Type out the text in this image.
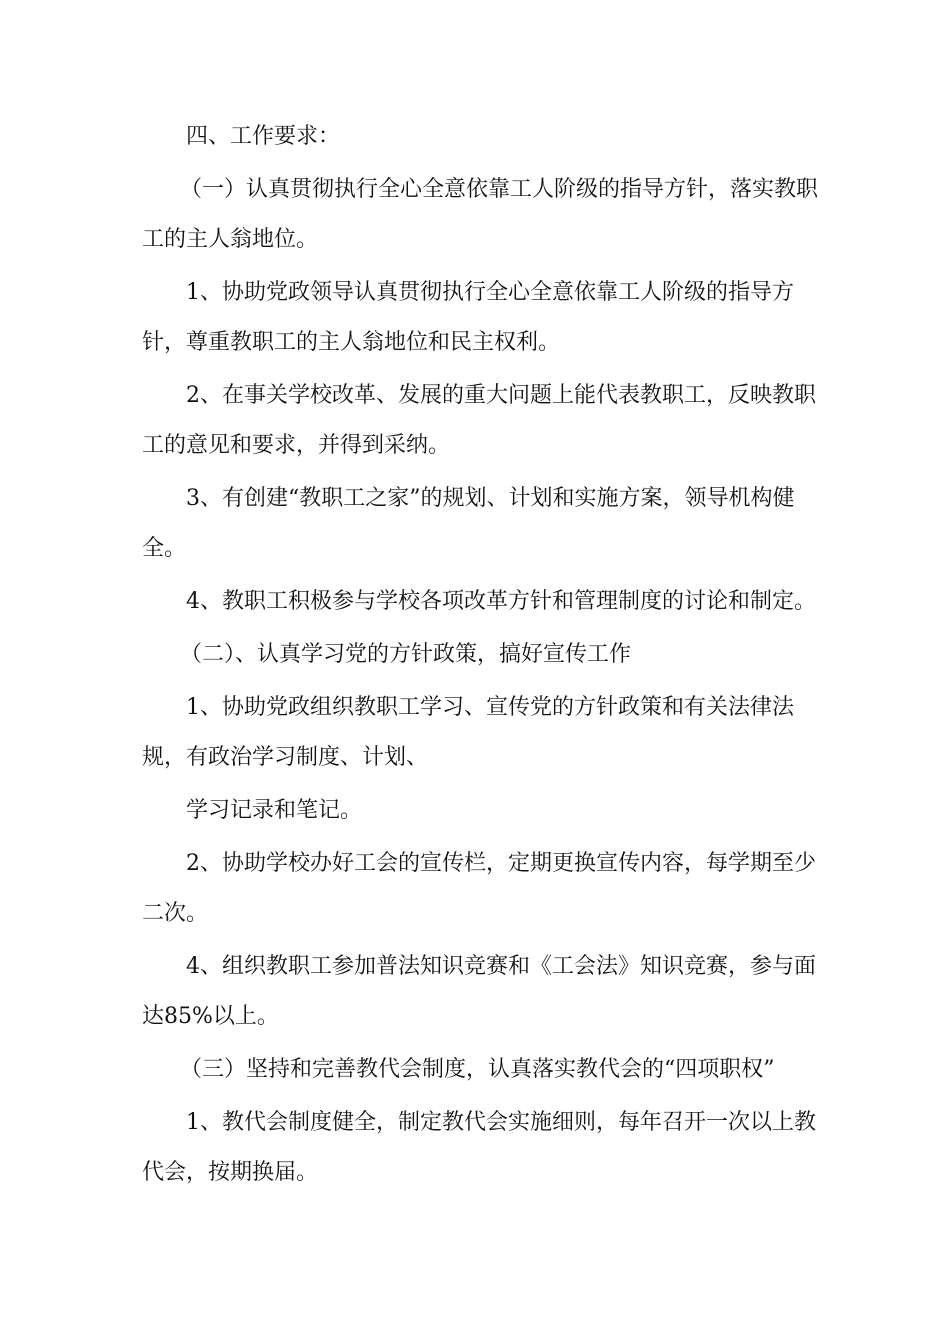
四、工作要求：

（一）认真贯彻执行全心全意依靠工人阶级的指导方针，落实教职工的主人翁地位。

1、协助党政领导认真贯彻执行全心全意依靠工人阶级的指导方针，尊重教职工的主人翁地位和民主权利。

2、在事关学校改革、发展的重大问题上能代表教职工，反映教职工的意见和要求，并得到采纳。

3、有创建“教职工之家”的规划、计划和实施方案，领导机构健全。

4、教职工积极参与学校各项改革方针和管理制度的讨论和制定。

（二）、认真学习党的方针政策，搞好宣传工作

1、协助党政组织教职工学习、宣传党的方针政策和有关法律法规，有政治学习制度、计划、

学习记录和笔记。

2、协助学校办好工会的宣传栏，定期更换宣传内容，每学期至少二次。

4、组织教职工参加普法知识竞赛和《工会法》知识竞赛，参与面达85%以上。

（三）坚持和完善教代会制度，认真落实教代会的“四项职权”

1、教代会制度健全，制定教代会实施细则，每年召开一次以上教代会，按期换届。
